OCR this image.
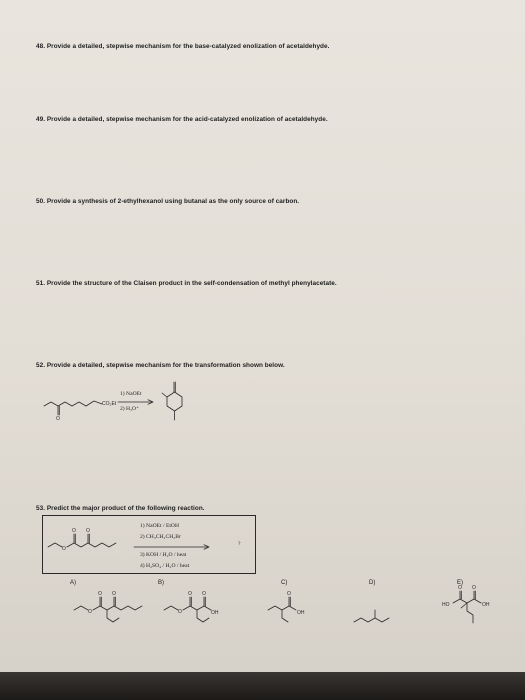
48. Provide a detailed, stepwise mechanism for the base-catalyzed enolization of acetaldehyde.
49. Provide a detailed, stepwise mechanism for the acid-catalyzed enolization of acetaldehyde.
50. Provide a synthesis of 2-ethylhexanol using butanal as the only source of carbon.
51. Provide the structure of the Claisen product in the self-condensation of methyl phenylacetate.
52. Provide a detailed, stepwise mechanism for the transformation shown below.
O
CO₂Et
1) NaOEt
2) H₃O⁺
53. Predict the major product of the following reaction.
O
O O
1) NaOEt / EtOH
2) CH₃CH₂CH₂Br
?
3) KOH / H₂O / heat
4) H₂SO₄ / H₂O / heat
A)	B)	C)	D)	E)
O
O O
O
O O
OH
O
OH
HO
O O
OH
